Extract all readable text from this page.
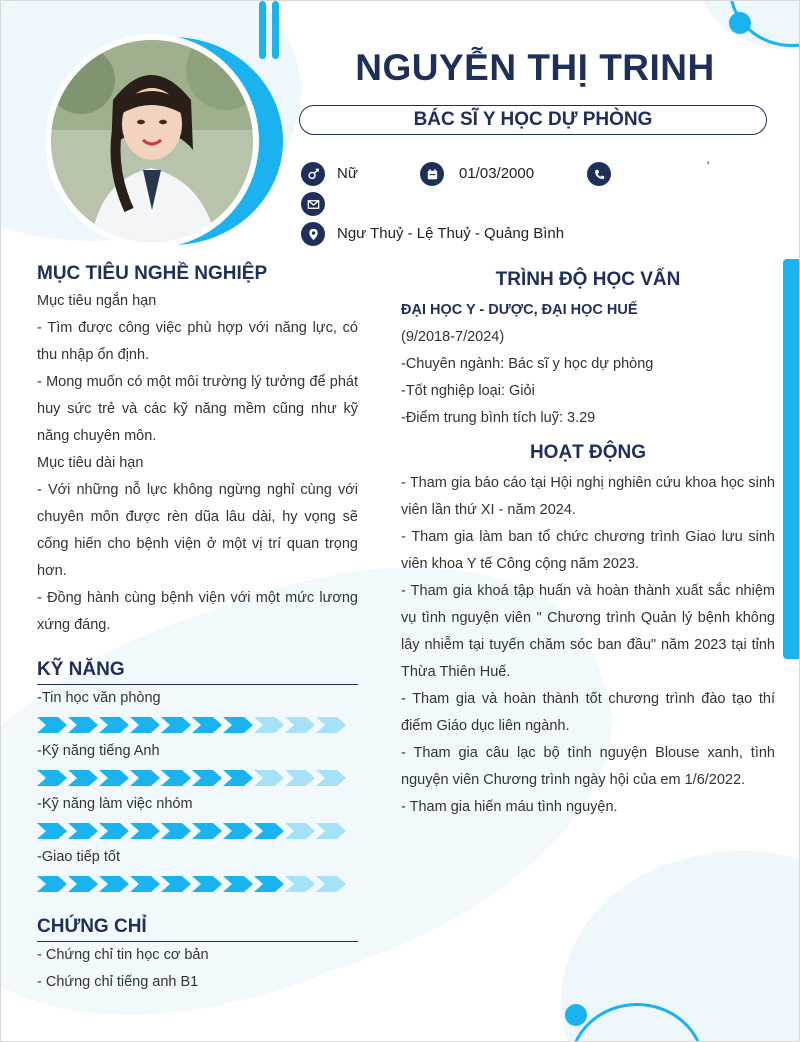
NGUYỄN THỊ TRINH
BÁC SĨ Y HỌC DỰ PHÒNG
Nữ	01/03/2000	'
Ngư Thuỷ - Lệ Thuỷ - Quảng Bình
MỤC TIÊU NGHỀ NGHIỆP
Mục tiêu ngắn hạn
- Tìm được công việc phù hợp với năng lực, có thu nhập ổn định.
- Mong muốn có một môi trường lý tưởng để phát huy sức trẻ và các kỹ năng mềm cũng như kỹ năng chuyên môn.
Mục tiêu dài hạn
- Với những nỗ lực không ngừng nghỉ cùng với chuyên môn được rèn dũa lâu dài, hy vọng sẽ cống hiến cho bệnh viện ở một vị trí quan trọng hơn.
- Đồng hành cùng bệnh viện với một mức lương xứng đáng.
KỸ NĂNG
-Tin học văn phòng
-Kỹ năng tiếng Anh
-Kỹ năng làm việc nhóm
-Giao tiếp tốt
CHỨNG CHỈ
- Chứng chỉ tin học cơ bản
- Chứng chỉ tiếng anh B1
TRÌNH ĐỘ HỌC VẤN
ĐẠI HỌC Y - DƯỢC, ĐẠI HỌC HUẾ
(9/2018-7/2024)
-Chuyên ngành: Bác sĩ y học dự phòng
-Tốt nghiệp loại: Giỏi
-Điểm trung bình tích luỹ: 3.29
HOẠT ĐỘNG
- Tham gia báo cáo tại Hội nghị nghiên cứu khoa học sinh viên lần thứ XI - năm 2024.
- Tham gia làm ban tổ chức chương trình Giao lưu sinh viên khoa Y tế Công cộng năm 2023.
- Tham gia khoá tập huấn và hoàn thành xuất sắc nhiệm vụ tình nguyện viên " Chương trình Quản lý bệnh không lây nhiễm tại tuyến chăm sóc ban đầu" năm 2023 tại tỉnh Thừa Thiên Huế.
- Tham gia và hoàn thành tốt chương trình đào tạo thí điểm Giáo dục liên ngành.
- Tham gia câu lạc bộ tình nguyện Blouse xanh, tình nguyện viên Chương trình ngày hội của em 1/6/2022.
- Tham gia hiến máu tình nguyện.
